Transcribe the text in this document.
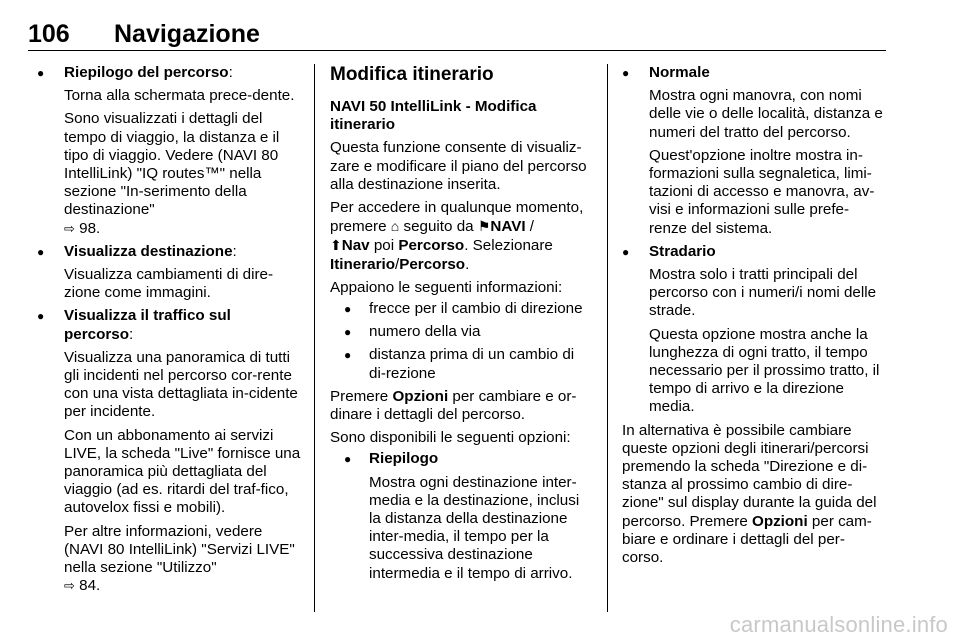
106 Navigazione

● Riepilogo del percorso:

Torna alla schermata prece-dente.

Sono visualizzati i dettagli del tempo di viaggio, la distanza e il tipo di viaggio. Vedere (NAVI 80 IntelliLink) "IQ routes™" nella sezione "In-serimento della destinazione"
⇨ 98.

● Visualizza destinazione:

Visualizza cambiamenti di dire-zione come immagini.

● Visualizza il traffico sul percorso:

Visualizza una panoramica di tutti gli incidenti nel percorso cor-rente con una vista dettagliata in-cidente per incidente.

Con un abbonamento ai servizi LIVE, la scheda "Live" fornisce una panoramica più dettagliata del viaggio (ad es. ritardi del traf-fico, autovelox fissi e mobili).

Per altre informazioni, vedere (NAVI 80 IntelliLink) "Servizi LIVE" nella sezione "Utilizzo"
⇨ 84.

Modifica itinerario

NAVI 50 IntelliLink - Modifica itinerario

Questa funzione consente di visualiz-zare e modificare il piano del percorso alla destinazione inserita.

Per accedere in qualunque momento, premere ⌂ seguito da ⚑NAVI /
⬆Nav poi Percorso. Selezionare
Itinerario/Percorso.

Appaiono le seguenti informazioni:

● frecce per il cambio di direzione
● numero della via
● distanza prima di un cambio di di-rezione

Premere Opzioni per cambiare e or-dinare i dettagli del percorso.

Sono disponibili le seguenti opzioni:

● Riepilogo

Mostra ogni destinazione inter-media e la destinazione, inclusi la distanza della destinazione inter-media, il tempo per la successiva destinazione intermedia e il tempo di arrivo.

● Normale

Mostra ogni manovra, con nomi delle vie o delle località, distanza e numeri del tratto del percorso.

Quest'opzione inoltre mostra in-formazioni sulla segnaletica, limi-tazioni di accesso e manovra, av-visi e informazioni sulle prefe-renze del sistema.

● Stradario

Mostra solo i tratti principali del percorso con i numeri/i nomi delle strade.

Questa opzione mostra anche la lunghezza di ogni tratto, il tempo necessario per il prossimo tratto, il tempo di arrivo e la direzione media.

In alternativa è possibile cambiare queste opzioni degli itinerari/percorsi premendo la scheda "Direzione e di-stanza al prossimo cambio di dire-zione" sul display durante la guida del percorso. Premere Opzioni per cam-biare e ordinare i dettagli del per-corso.

carmanualsonline.info
